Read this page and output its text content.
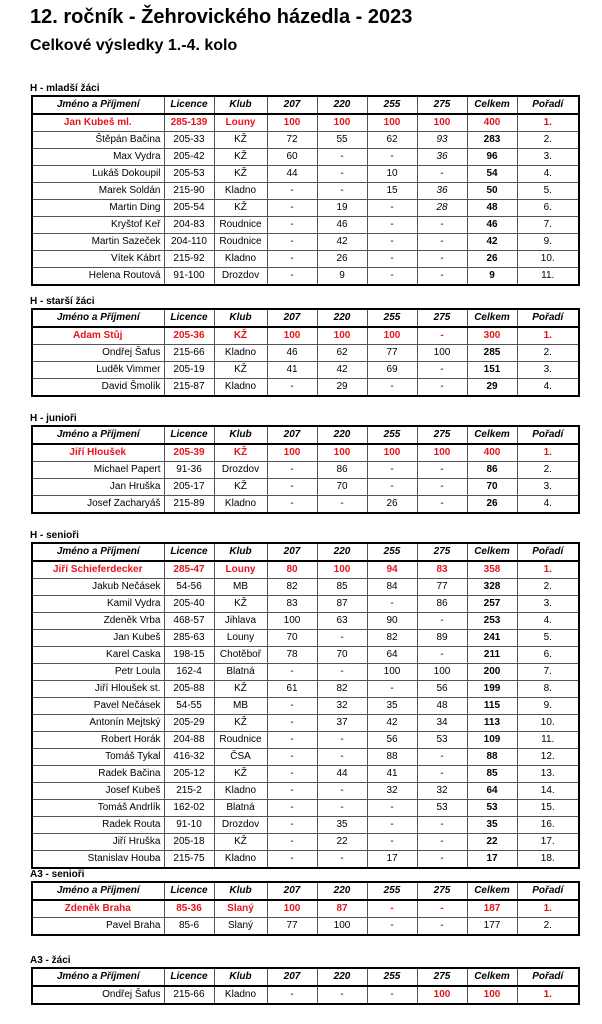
12. ročník - Žehrovického házedla - 2023
Celkové výsledky 1.-4. kolo
H - mladší žáci
Jméno a Příjmení	Licence	Klub	207	220	255	275	Celkem	Pořadí
Jan Kubeš ml.	285-139	Louny	100	100	100	100	400	1.
Štěpán Bačina	205-33	KŽ	72	55	62	93	283	2.
Max Vydra	205-42	KŽ	60	-	-	36	96	3.
Lukáš Dokoupil	205-53	KŽ	44	-	10	-	54	4.
Marek Soldán	215-90	Kladno	-	-	15	36	50	5.
Martin Ding	205-54	KŽ	-	19	-	28	48	6.
Kryštof Keř	204-83	Roudnice	-	46	-	-	46	7.
Martin Sazeček	204-110	Roudnice	-	42	-	-	42	9.
Vítek Kábrt	215-92	Kladno	-	26	-	-	26	10.
Helena Routová	91-100	Drozdov	-	9	-	-	9	11.
H - starší žáci
Jméno a Příjmení	Licence	Klub	207	220	255	275	Celkem	Pořadí
Adam Stůj	205-36	KŽ	100	100	100	-	300	1.
Ondřej Šafus	215-66	Kladno	46	62	77	100	285	2.
Luděk Vimmer	205-19	KŽ	41	42	69	-	151	3.
David Šmolík	215-87	Kladno	-	29	-	-	29	4.
H - junioři
Jméno a Příjmení	Licence	Klub	207	220	255	275	Celkem	Pořadí
Jiří Hloušek	205-39	KŽ	100	100	100	100	400	1.
Michael Papert	91-36	Drozdov	-	86	-	-	86	2.
Jan Hruška	205-17	KŽ	-	70	-	-	70	3.
Josef Zacharyáš	215-89	Kladno	-	-	26	-	26	4.
H - senioři
Jméno a Příjmení	Licence	Klub	207	220	255	275	Celkem	Pořadí
Jiří Schieferdecker	285-47	Louny	80	100	94	83	358	1.
Jakub Nečásek	54-56	MB	82	85	84	77	328	2.
Kamil Vydra	205-40	KŽ	83	87	-	86	257	3.
Zdeněk Vrba	468-57	Jihlava	100	63	90	-	253	4.
Jan Kubeš	285-63	Louny	70	-	82	89	241	5.
Karel Caska	198-15	Chotěboř	78	70	64	-	211	6.
Petr Loula	162-4	Blatná	-	-	100	100	200	7.
Jiří Hloušek st.	205-88	KŽ	61	82	-	56	199	8.
Pavel Nečásek	54-55	MB	-	32	35	48	115	9.
Antonín Mejtský	205-29	KŽ	-	37	42	34	113	10.
Robert Horák	204-88	Roudnice	-	-	56	53	109	11.
Tomáš Tykal	416-32	ČSA	-	-	88	-	88	12.
Radek Bačina	205-12	KŽ	-	44	41	-	85	13.
Josef Kubeš	215-2	Kladno	-	-	32	32	64	14.
Tomáš Andrlík	162-02	Blatná	-	-	-	53	53	15.
Radek Routa	91-10	Drozdov	-	35	-	-	35	16.
Jiří Hruška	205-18	KŽ	-	22	-	-	22	17.
Stanislav Houba	215-75	Kladno	-	-	17	-	17	18.
A3 - senioři
Jméno a Příjmení	Licence	Klub	207	220	255	275	Celkem	Pořadí
Zdeněk Braha	85-36	Slaný	100	87	-	-	187	1.
Pavel Braha	85-6	Slaný	77	100	-	-	177	2.
A3 - žáci
Jméno a Příjmení	Licence	Klub	207	220	255	275	Celkem	Pořadí
Ondřej Šafus	215-66	Kladno	-	-	-	100	100	1.
